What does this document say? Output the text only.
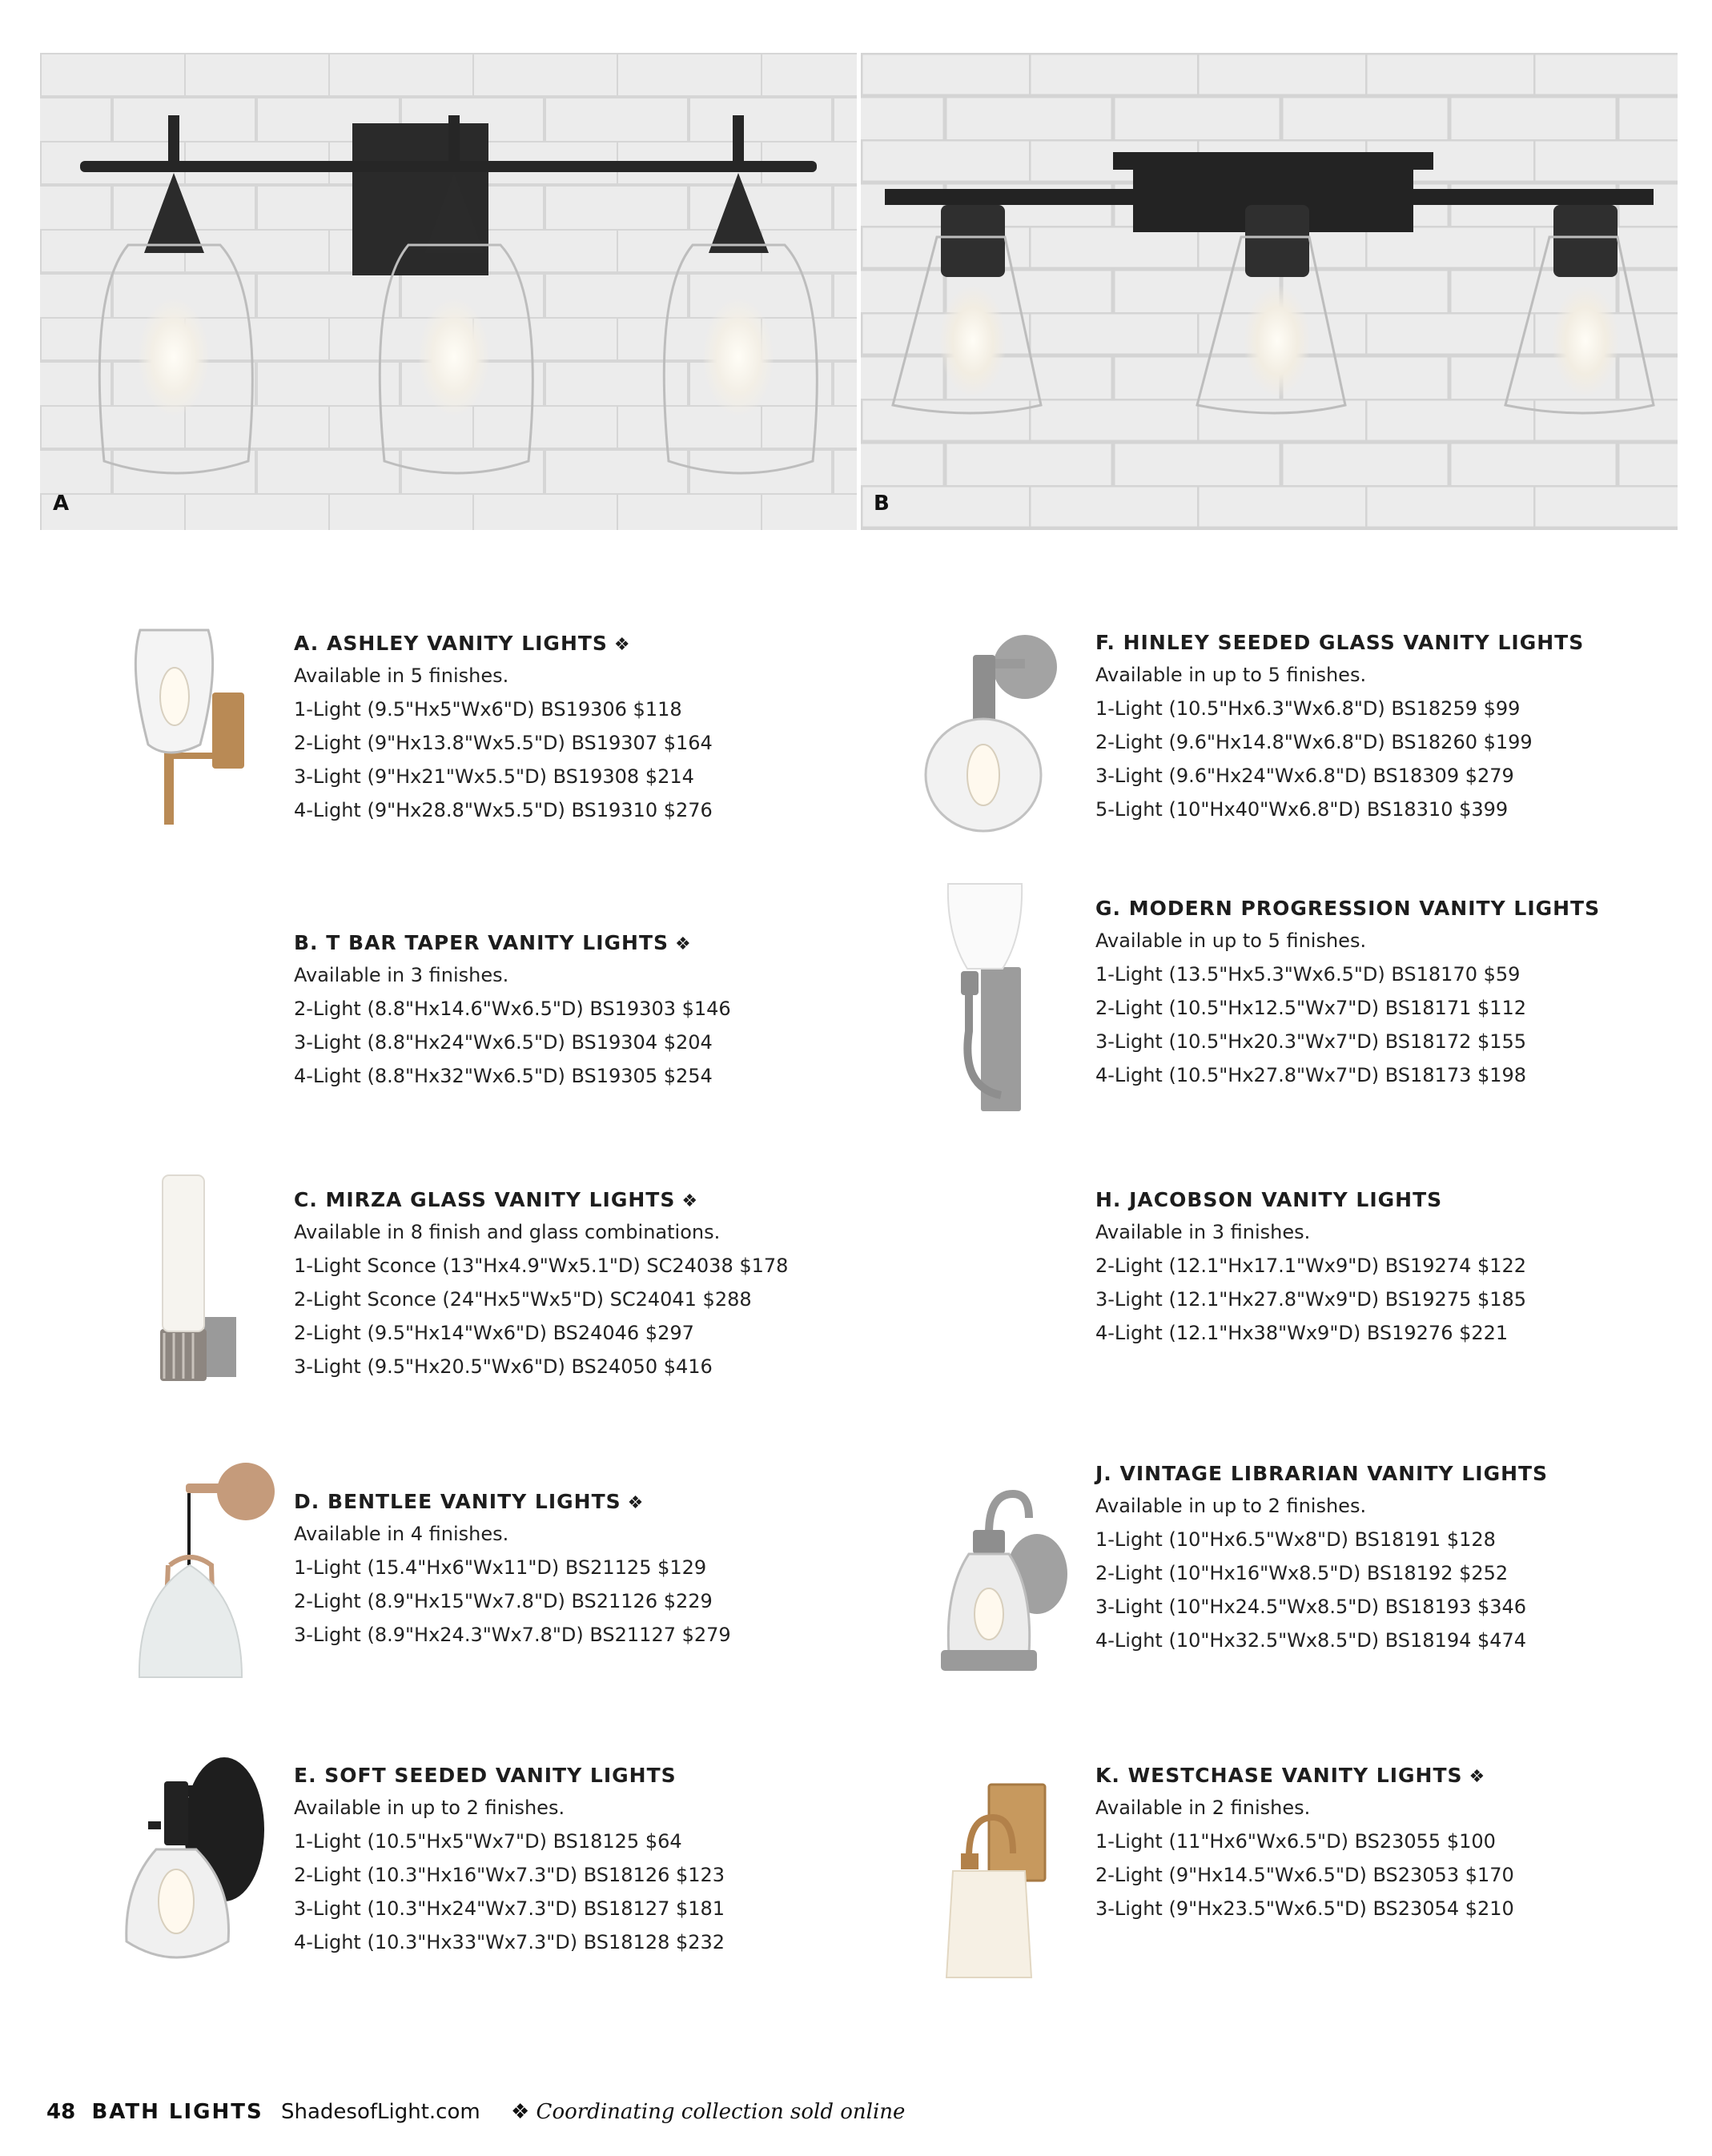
A	B
A. ASHLEY VANITY LIGHTS ❖
Available in 5 finishes.
1-Light (9.5"Hx5"Wx6"D) BS19306 $118
2-Light (9"Hx13.8"Wx5.5"D) BS19307 $164
3-Light (9"Hx21"Wx5.5"D) BS19308 $214
4-Light (9"Hx28.8"Wx5.5"D) BS19310 $276
B. T BAR TAPER VANITY LIGHTS ❖
Available in 3 finishes.
2-Light (8.8"Hx14.6"Wx6.5"D) BS19303 $146
3-Light (8.8"Hx24"Wx6.5"D) BS19304 $204
4-Light (8.8"Hx32"Wx6.5"D) BS19305 $254
C. MIRZA GLASS VANITY LIGHTS ❖
Available in 8 finish and glass combinations.
1-Light Sconce (13"Hx4.9"Wx5.1"D) SC24038 $178
2-Light Sconce (24"Hx5"Wx5"D) SC24041 $288
2-Light (9.5"Hx14"Wx6"D) BS24046 $297
3-Light (9.5"Hx20.5"Wx6"D) BS24050 $416
D. BENTLEE VANITY LIGHTS ❖
Available in 4 finishes.
1-Light (15.4"Hx6"Wx11"D) BS21125 $129
2-Light (8.9"Hx15"Wx7.8"D) BS21126 $229
3-Light (8.9"Hx24.3"Wx7.8"D) BS21127 $279
E. SOFT SEEDED VANITY LIGHTS
Available in up to 2 finishes.
1-Light (10.5"Hx5"Wx7"D) BS18125 $64
2-Light (10.3"Hx16"Wx7.3"D) BS18126 $123
3-Light (10.3"Hx24"Wx7.3"D) BS18127 $181
4-Light (10.3"Hx33"Wx7.3"D) BS18128 $232
F. HINLEY SEEDED GLASS VANITY LIGHTS
Available in up to 5 finishes.
1-Light (10.5"Hx6.3"Wx6.8"D) BS18259 $99
2-Light (9.6"Hx14.8"Wx6.8"D) BS18260 $199
3-Light (9.6"Hx24"Wx6.8"D) BS18309 $279
5-Light (10"Hx40"Wx6.8"D) BS18310 $399
G. MODERN PROGRESSION VANITY LIGHTS
Available in up to 5 finishes.
1-Light (13.5"Hx5.3"Wx6.5"D) BS18170 $59
2-Light (10.5"Hx12.5"Wx7"D) BS18171 $112
3-Light (10.5"Hx20.3"Wx7"D) BS18172 $155
4-Light (10.5"Hx27.8"Wx7"D) BS18173 $198
H. JACOBSON VANITY LIGHTS
Available in 3 finishes.
2-Light (12.1"Hx17.1"Wx9"D) BS19274 $122
3-Light (12.1"Hx27.8"Wx9"D) BS19275 $185
4-Light (12.1"Hx38"Wx9"D) BS19276 $221
J. VINTAGE LIBRARIAN VANITY LIGHTS
Available in up to 2 finishes.
1-Light (10"Hx6.5"Wx8"D) BS18191 $128
2-Light (10"Hx16"Wx8.5"D) BS18192 $252
3-Light (10"Hx24.5"Wx8.5"D) BS18193 $346
4-Light (10"Hx32.5"Wx8.5"D) BS18194 $474
K. WESTCHASE VANITY LIGHTS ❖
Available in 2 finishes.
1-Light (11"Hx6"Wx6.5"D) BS23055 $100
2-Light (9"Hx14.5"Wx6.5"D) BS23053 $170
3-Light (9"Hx23.5"Wx6.5"D) BS23054 $210
48 BATH LIGHTS ShadesofLight.com ❖ Coordinating collection sold online
